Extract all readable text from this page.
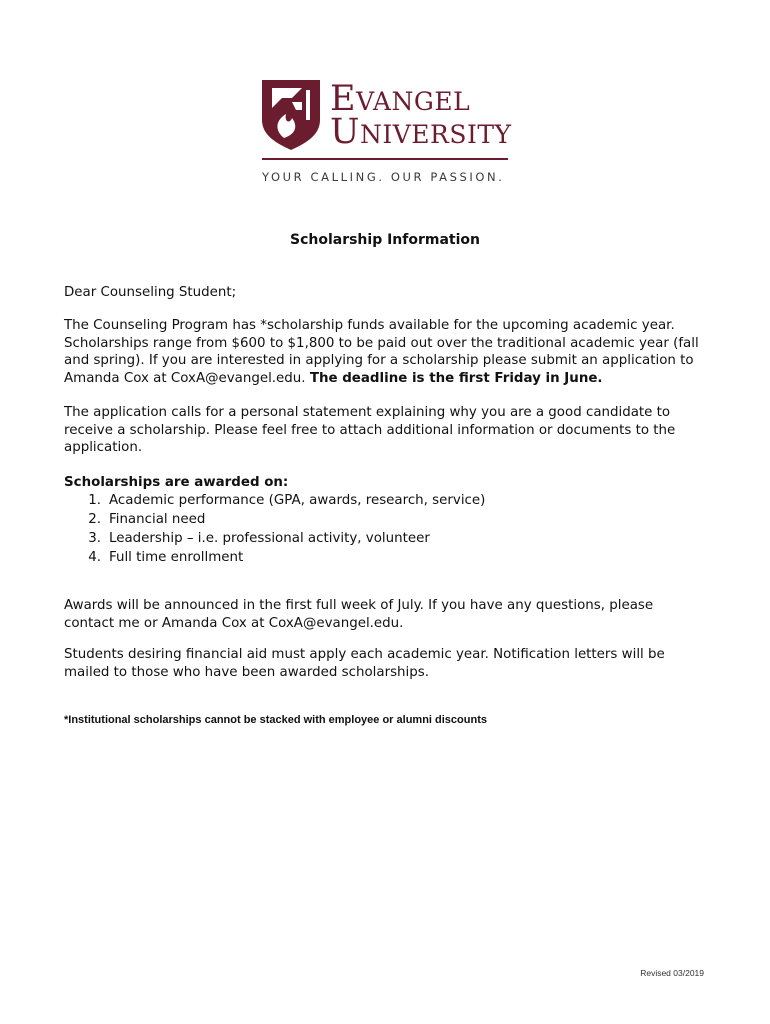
EVANGEL
UNIVERSITY
YOUR CALLING. OUR PASSION.
Scholarship Information

Dear Counseling Student;

The Counseling Program has *scholarship funds available for the upcoming academic year. Scholarships range from $600 to $1,800 to be paid out over the traditional academic year (fall and spring). If you are interested in applying for a scholarship please submit an application to Amanda Cox at CoxA@evangel.edu. The deadline is the first Friday in June.

The application calls for a personal statement explaining why you are a good candidate to receive a scholarship. Please feel free to attach additional information or documents to the application.

Scholarships are awarded on:

1. Academic performance (GPA, awards, research, service)
2. Financial need
3. Leadership – i.e. professional activity, volunteer
4. Full time enrollment

Awards will be announced in the first full week of July. If you have any questions, please contact me or Amanda Cox at CoxA@evangel.edu.

Students desiring financial aid must apply each academic year. Notification letters will be mailed to those who have been awarded scholarships.

*Institutional scholarships cannot be stacked with employee or alumni discounts
Revised 03/2019
